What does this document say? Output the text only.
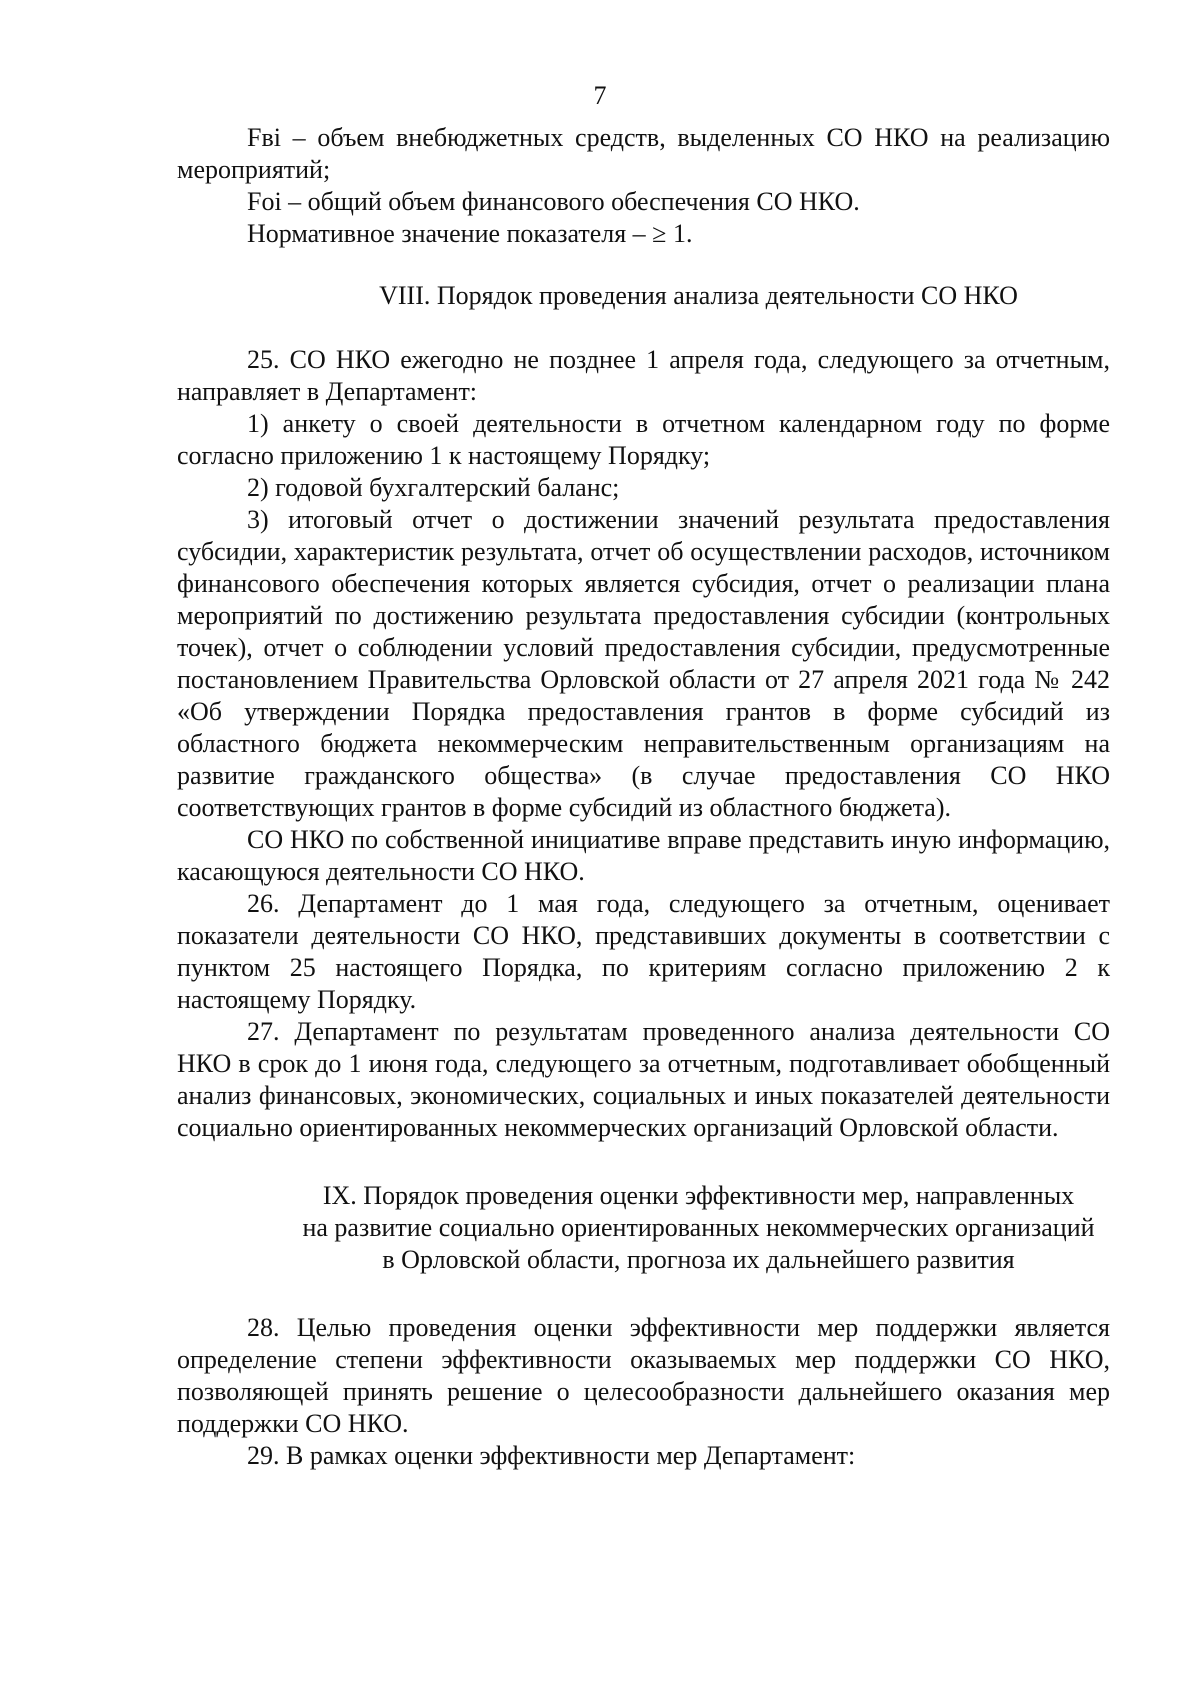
7

Fвi – объем внебюджетных средств, выделенных СО НКО на реализацию мероприятий;

Foi – общий объем финансового обеспечения СО НКО.

Нормативное значение показателя – ≥ 1.

VIII. Порядок проведения анализа деятельности СО НКО

25. СО НКО ежегодно не позднее 1 апреля года, следующего за отчетным, направляет в Департамент:

1) анкету о своей деятельности в отчетном календарном году по форме согласно приложению 1 к настоящему Порядку;

2) годовой бухгалтерский баланс;

3) итоговый отчет о достижении значений результата предоставления субсидии, характеристик результата, отчет об осуществлении расходов, источником финансового обеспечения которых является субсидия, отчет о реализации плана мероприятий по достижению результата предоставления субсидии (контрольных точек), отчет о соблюдении условий предоставления субсидии, предусмотренные постановлением Правительства Орловской области от 27 апреля 2021 года № 242 «Об утверждении Порядка предоставления грантов в форме субсидий из областного бюджета некоммерческим неправительственным организациям на развитие гражданского общества» (в случае предоставления СО НКО соответствующих грантов в форме субсидий из областного бюджета).

СО НКО по собственной инициативе вправе представить иную информацию, касающуюся деятельности СО НКО.

26. Департамент до 1 мая года, следующего за отчетным, оценивает показатели деятельности СО НКО, представивших документы в соответствии с пунктом 25 настоящего Порядка, по критериям согласно приложению 2 к настоящему Порядку.

27. Департамент по результатам проведенного анализа деятельности СО НКО в срок до 1 июня года, следующего за отчетным, подготавливает обобщенный анализ финансовых, экономических, социальных и иных показателей деятельности социально ориентированных некоммерческих организаций Орловской области.

IX. Порядок проведения оценки эффективности мер, направленных
на развитие социально ориентированных некоммерческих организаций
в Орловской области, прогноза их дальнейшего развития

28. Целью проведения оценки эффективности мер поддержки является определение степени эффективности оказываемых мер поддержки СО НКО, позволяющей принять решение о целесообразности дальнейшего оказания мер поддержки СО НКО.

29. В рамках оценки эффективности мер Департамент:
